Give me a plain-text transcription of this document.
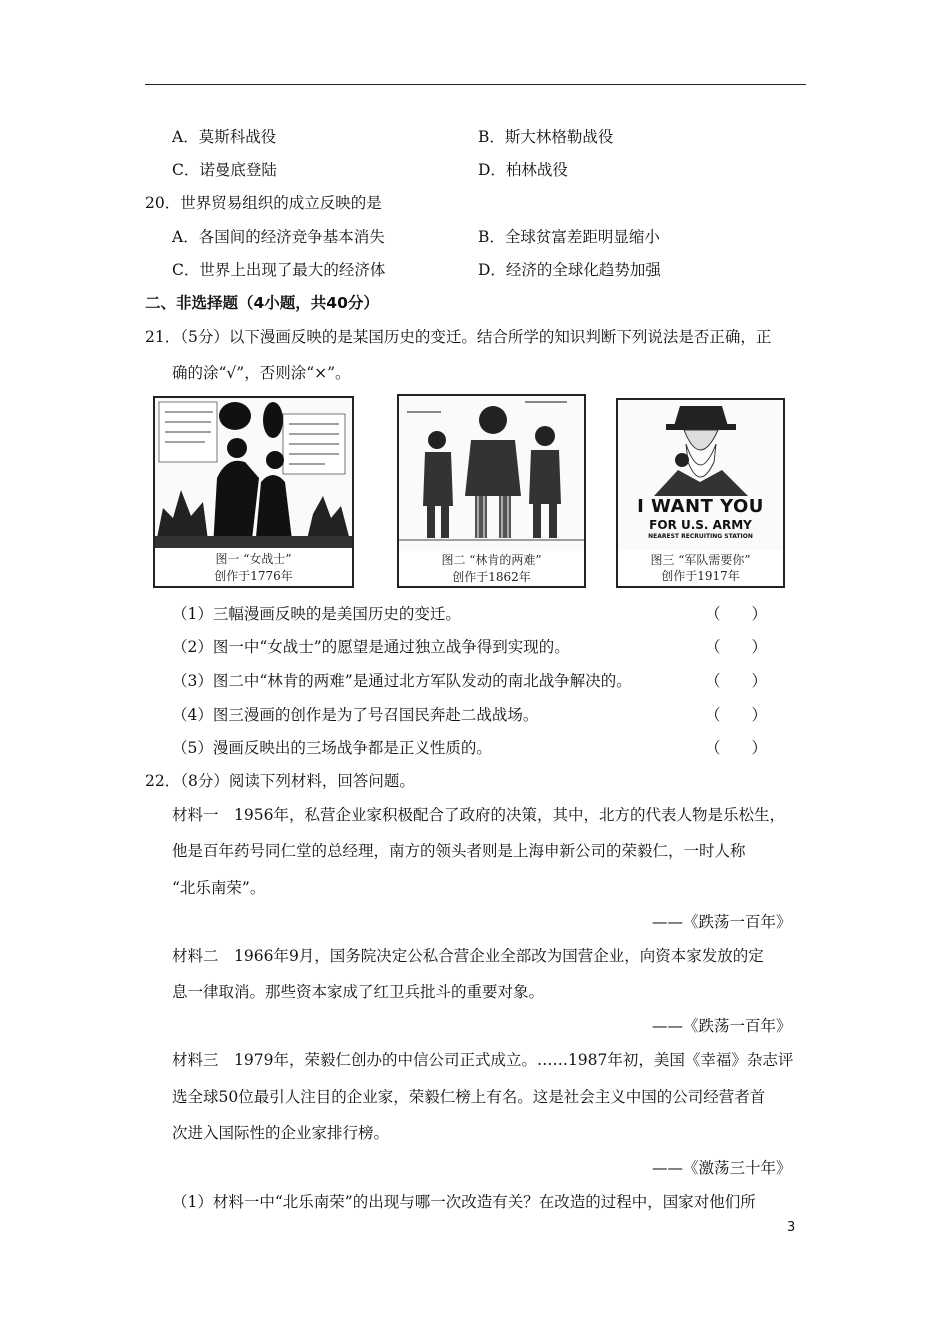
A．莫斯科战役	B．斯大林格勒战役
C．诺曼底登陆	D．柏林战役
20．世界贸易组织的成立反映的是
A．各国间的经济竞争基本消失	B．全球贫富差距明显缩小
C．世界上出现了最大的经济体	D．经济的全球化趋势加强
二、非选择题（4小题，共40分）
21．（5分）以下漫画反映的是某国历史的变迁。结合所学的知识判断下列说法是否正确，正
确的涂“√”，否则涂“×”。
图一 “女战士”
创作于1776年
图二 “林肯的两难”
创作于1862年
I WANT YOU
FOR U.S. ARMY
NEAREST RECRUITING STATION
图三 “军队需要你”
创作于1917年
（1）三幅漫画反映的是美国历史的变迁。	（　　）
（2）图一中“女战士”的愿望是通过独立战争得到实现的。	（　　）
（3）图二中“林肯的两难”是通过北方军队发动的南北战争解决的。	（　　）
（4）图三漫画的创作是为了号召国民奔赴二战战场。	（　　）
（5）漫画反映出的三场战争都是正义性质的。	（　　）
22．（8分）阅读下列材料，回答问题。
材料一　1956年，私营企业家积极配合了政府的决策，其中，北方的代表人物是乐松生，
他是百年药号同仁堂的总经理，南方的领头者则是上海申新公司的荣毅仁，一时人称
“北乐南荣”。
——《跌荡一百年》
材料二　1966年9月，国务院决定公私合营企业全部改为国营企业，向资本家发放的定
息一律取消。那些资本家成了红卫兵批斗的重要对象。
——《跌荡一百年》
材料三　1979年，荣毅仁创办的中信公司正式成立。……1987年初，美国《幸福》杂志评
选全球50位最引人注目的企业家，荣毅仁榜上有名。这是社会主义中国的公司经营者首
次进入国际性的企业家排行榜。
——《激荡三十年》
（1）材料一中“北乐南荣”的出现与哪一次改造有关？在改造的过程中，国家对他们所
3
